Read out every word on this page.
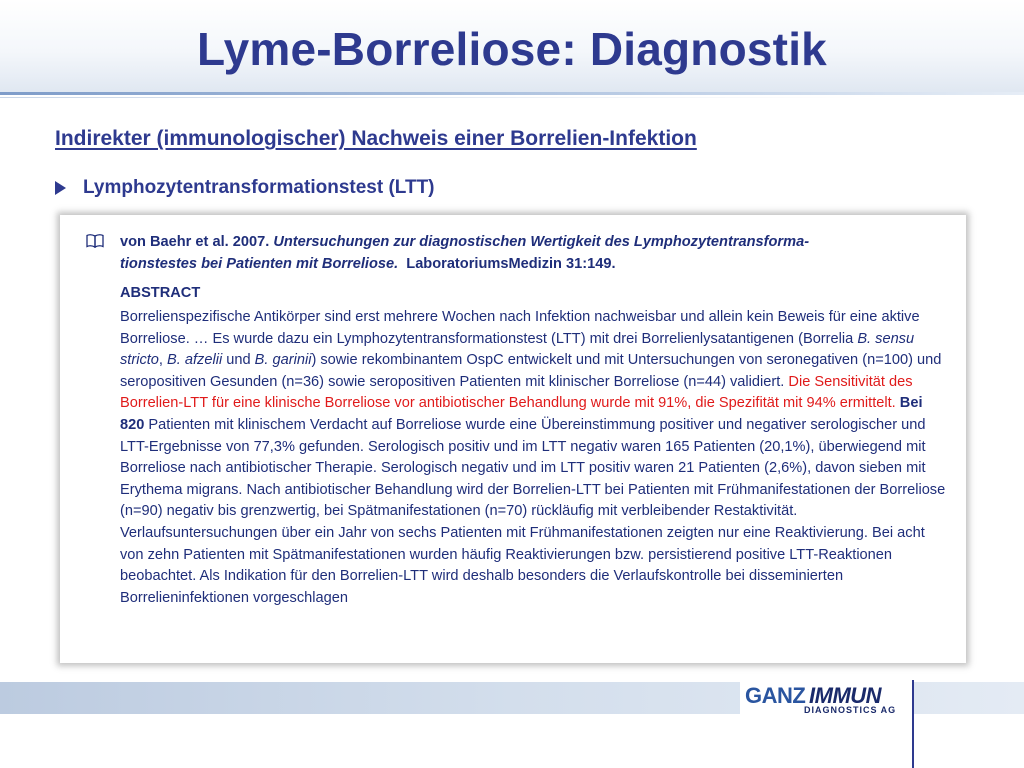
Lyme-Borreliose: Diagnostik
Indirekter (immunologischer) Nachweis einer Borrelien-Infektion
Lymphozytentransformationstest (LTT)
von Baehr et al. 2007. Untersuchungen zur diagnostischen Wertigkeit des Lymphozytentransforma-
tionstestes bei Patienten mit Borreliose. LaboratoriumsMedizin 31:149.
ABSTRACT
Borrelienspezifische Antikörper sind erst mehrere Wochen nach Infektion nachweisbar und allein kein Beweis für eine aktive Borreliose. … Es wurde dazu ein Lymphozytentransformationstest (LTT) mit drei Borrelienlysatantigenen (Borrelia B. sensu stricto, B. afzelii und B. garinii) sowie rekombinantem OspC entwickelt und mit Untersuchungen von seronegativen (n=100) und seropositiven Gesunden (n=36) sowie seropositiven Patienten mit klinischer Borreliose (n=44) validiert. Die Sensitivität des Borrelien-LTT für eine klinische Borreliose vor antibiotischer Behandlung wurde mit 91%, die Spezifität mit 94% ermittelt. Bei 820 Patienten mit klinischem Verdacht auf Borreliose wurde eine Übereinstimmung positiver und negativer serologischer und LTT-Ergebnisse von 77,3% gefunden. Serologisch positiv und im LTT negativ waren 165 Patienten (20,1%), überwiegend mit Borreliose nach antibiotischer Therapie. Serologisch negativ und im LTT positiv waren 21 Patienten (2,6%), davon sieben mit Erythema migrans. Nach antibiotischer Behandlung wird der Borrelien-LTT bei Patienten mit Frühmanifestationen der Borreliose (n=90) negativ bis grenzwertig, bei Spätmanifestationen (n=70) rückläufig mit verbleibender Restaktivität. Verlaufsuntersuchungen über ein Jahr von sechs Patienten mit Frühmanifestationen zeigten nur eine Reaktivierung. Bei acht von zehn Patienten mit Spätmanifestationen wurden häufig Reaktivierungen bzw. persistierend positive LTT-Reaktionen beobachtet. Als Indikation für den Borrelien-LTT wird deshalb besonders die Verlaufskontrolle bei disseminierten Borrelieninfektionen vorgeschlagen
GANZ IMMUN
DIAGNOSTICS AG
